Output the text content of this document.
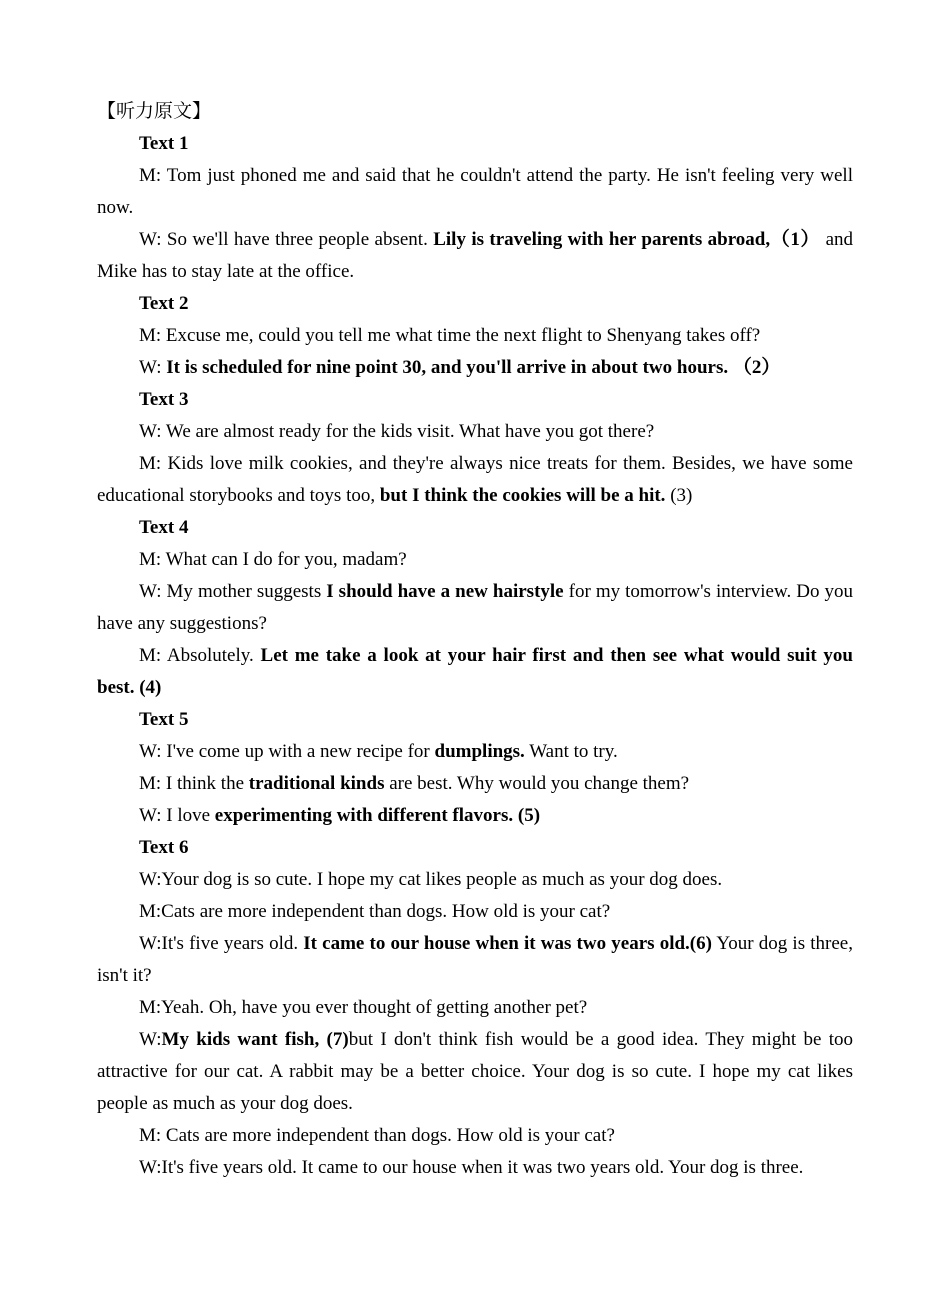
【听力原文】

Text 1

M: Tom just phoned me and said that he couldn't attend the party. He isn't feeling very well now.

W: So we'll have three people absent. Lily is traveling with her parents abroad,（1） and Mike has to stay late at the office.

Text 2

M: Excuse me, could you tell me what time the next flight to Shenyang takes off?

W: It is scheduled for nine point 30, and you'll arrive in about two hours. （2）

Text 3

W: We are almost ready for the kids visit. What have you got there?

M: Kids love milk cookies, and they're always nice treats for them. Besides, we have some educational storybooks and toys too, but I think the cookies will be a hit. (3)

Text 4

M: What can I do for you, madam?

W: My mother suggests I should have a new hairstyle for my tomorrow's interview. Do you have any suggestions?

M: Absolutely. Let me take a look at your hair first and then see what would suit you best. (4)

Text 5

W: I've come up with a new recipe for dumplings. Want to try.

M: I think the traditional kinds are best. Why would you change them?

W: I love experimenting with different flavors. (5)

Text 6

W:Your dog is so cute. I hope my cat likes people as much as your dog does.

M:Cats are more independent than dogs. How old is your cat?

W:It's five years old. It came to our house when it was two years old.(6) Your dog is three, isn't it?

M:Yeah. Oh, have you ever thought of getting another pet?

W:My kids want fish, (7)but I don't think fish would be a good idea. They might be too attractive for our cat. A rabbit may be a better choice. Your dog is so cute. I hope my cat likes people as much as your dog does.

M: Cats are more independent than dogs. How old is your cat?

W:It's five years old. It came to our house when it was two years old. Your dog is three.
